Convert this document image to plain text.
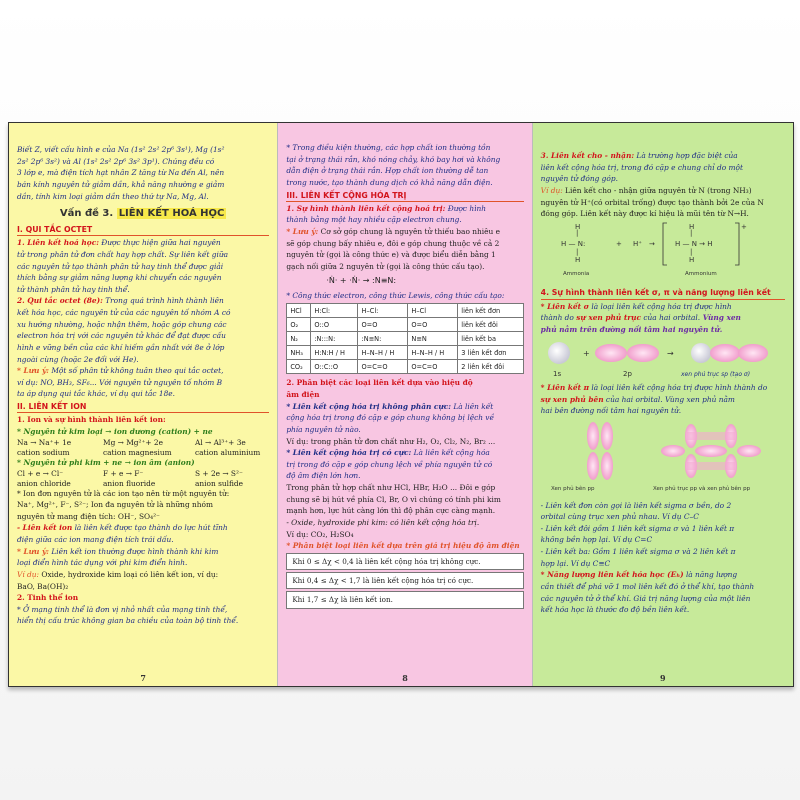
Biết Z, viết cấu hình e của Na (1s² 2s² 2p⁶ 3s¹), Mg (1s²

2s² 2p⁶ 3s²) và Al (1s² 2s² 2p⁶ 3s² 3p¹). Chúng đều có

3 lớp e, mà điện tích hạt nhân Z tăng từ Na đến Al, nên

bán kính nguyên tử giảm dần, khả năng nhường e giảm

dần, tính kim loại giảm dần theo thứ tự Na, Mg, Al.

Vấn đề 3. LIÊN KẾT HOÁ HỌC
I. QUI TẮC OCTET

1. Liên kết hoá học: Được thực hiện giữa hai nguyên

tử trong phân tử đơn chất hay hợp chất. Sự liên kết giữa

các nguyên tử tạo thành phân tử hay tinh thể được giải

thích bằng sự giảm năng lượng khi chuyển các nguyên

tử thành phân tử hay tinh thể.

2. Qui tắc octet (8e): Trong quá trình hình thành liên

kết hóa học, các nguyên tử của các nguyên tố nhóm A có

xu hướng nhường, hoặc nhận thêm, hoặc góp chung các

electron hóa trị với các nguyên tử khác để đạt được cấu

hình e vững bền của các khí hiếm gần nhất với 8e ở lớp

ngoài cùng (hoặc 2e đối với He).

* Lưu ý: Một số phân tử không tuân theo qui tắc octet,

ví dụ: NO, BH₃, SF₆... Với nguyên tử nguyên tố nhóm B

ta áp dụng qui tắc khác, ví dụ qui tắc 18e.

II. LIÊN KẾT ION

1. Ion và sự hình thành liên kết ion:

* Nguyên tử kim loại → ion dương (cation) + ne

Na → Na⁺+ 1e	Mg → Mg²⁺+ 2e	Al → Al³⁺+ 3e
cation sodium	cation magnesium	cation aluminium

* Nguyên tử phi kim + ne → ion âm (anion)

Cl + e → Cl⁻	F + e → F⁻	S + 2e → S²⁻
anion chloride	anion fluoride	anion sulfide

* Ion đơn nguyên tử là các ion tạo nên từ một nguyên tử:

Na⁺, Mg²⁺, F⁻, S²⁻; Ion đa nguyên tử là những nhóm

nguyên tử mang điện tích: OH⁻, SO₄²⁻

- Liên kết ion là liên kết được tạo thành do lực hút tĩnh

điện giữa các ion mang điện tích trái dấu.

* Lưu ý: Liên kết ion thường được hình thành khi kim

loại điển hình tác dụng với phi kim điển hình.

Ví dụ: Oxide, hydroxide kim loại có liên kết ion, ví dụ:

BaO, Ba(OH)₂

2. Tinh thể ion

* Ở mạng tinh thể là đơn vị nhỏ nhất của mạng tinh thể,

hiển thị cấu trúc không gian ba chiều của toàn bộ tinh thể.

7

* Trong điều kiện thường, các hợp chất ion thường tồn

tại ở trạng thái rắn, khó nóng chảy, khó bay hơi và không

dẫn điện ở trạng thái rắn. Hợp chất ion thường dễ tan

trong nước, tạo thành dung dịch có khả năng dẫn điện.

III. LIÊN KẾT CỘNG HÓA TRỊ

1. Sự hình thành liên kết cộng hoá trị: Được hình

thành bằng một hay nhiều cặp electron chung.

* Lưu ý: Cơ sở góp chung là nguyên tử thiếu bao nhiêu e

sẽ góp chung bấy nhiêu e, đôi e góp chung thuộc về cả 2

nguyên tử (gọi là công thức e) và được biểu diễn bằng 1

gạch nối giữa 2 nguyên tử (gọi là công thức cấu tạo).

·Ṅ· + ·Ṅ· → :N≡N:

* Công thức electron, công thức Lewis, công thức cấu tạo:

HCl	H:Cl:	H–Cl:	H–Cl	liên kết đơn
O₂	O::O	O=O	O=O	liên kết đôi
N₂	:N:::N:	:N≡N:	N≡N	liên kết ba
NH₃	H:N:H / H	H–N–H / H	H–N–H / H	3 liên kết đơn
CO₂	O::C::O	O=C=O	O=C=O	2 liên kết đôi

2. Phân biệt các loại liên kết dựa vào hiệu độ

âm điện

* Liên kết cộng hóa trị không phân cực: Là liên kết

cộng hóa trị trong đó cặp e góp chung không bị lệch về

phía nguyên tử nào.

Ví dụ: trong phân tử đơn chất như H₂, O₂, Cl₂, N₂, Br₂ ...

* Liên kết cộng hóa trị có cực: Là liên kết cộng hóa

trị trong đó cặp e góp chung lệch về phía nguyên tử có

độ âm điện lớn hơn.

Trong phân tử hợp chất như HCl, HBr, H₂O ... Đôi e góp

chung sẽ bị hút về phía Cl, Br, O vì chúng có tính phi kim

mạnh hơn, lực hút càng lớn thì độ phân cực càng mạnh.

- Oxide, hydroxide phi kim: có liên kết cộng hóa trị.

Ví dụ: CO₂, H₂SO₄

* Phân biệt loại liên kết dựa trên giá trị hiệu độ âm điện

Khi 0 ≤ Δχ < 0,4 là liên kết cộng hóa trị không cực.
Khi 0,4 ≤ Δχ < 1,7 là liên kết cộng hóa trị có cực.
Khi 1,7 ≤ Δχ là liên kết ion.
8

3. Liên kết cho - nhận: Là trường hợp đặc biệt của

liên kết cộng hóa trị, trong đó cặp e chung chỉ do một

nguyên tử đóng góp.

Ví dụ: Liên kết cho - nhận giữa nguyên tử N (trong NH₃)

nguyên tử H⁺(có orbital trống) được tạo thành bởi 2e của N

đóng góp. Liên kết này được kí hiệu là mũi tên từ N→H.

H
|
H — N:
|
H
+ H⁺ →
H
|
H — N → H
|
H
+
Ammonia	Ammonium
4. Sự hình thành liên kết σ, π và năng lượng liên kết

* Liên kết σ là loại liên kết cộng hóa trị được hình

thành do sự xen phủ trục của hai orbital. Vùng xen

phủ nằm trên đường nối tâm hai nguyên tử.

+	→
1s	2p	xen phủ trục sp (tạo σ)

* Liên kết π là loại liên kết cộng hóa trị được hình thành do

sự xen phủ bên của hai orbital. Vùng xen phủ nằm

hai bên đường nối tâm hai nguyên tử.

Xen phủ bên pp	Xen phủ trục pp và xen phủ bên pp

- Liên kết đơn còn gọi là liên kết sigma σ bền, do 2

orbital cùng trục xen phủ nhau. Ví dụ C–C

- Liên kết đôi gồm 1 liên kết sigma σ và 1 liên kết π

không bền hợp lại. Ví dụ C=C

- Liên kết ba: Gồm 1 liên kết sigma σ và 2 liên kết π

hợp lại. Ví dụ C≡C

* Năng lượng liên kết hóa học (Eₕ) là năng lượng

cần thiết để phá vỡ 1 mol liên kết đó ở thể khí, tạo thành

các nguyên tử ở thể khí. Giá trị năng lượng của một liên

kết hóa học là thước đo độ bền liên kết.

9
